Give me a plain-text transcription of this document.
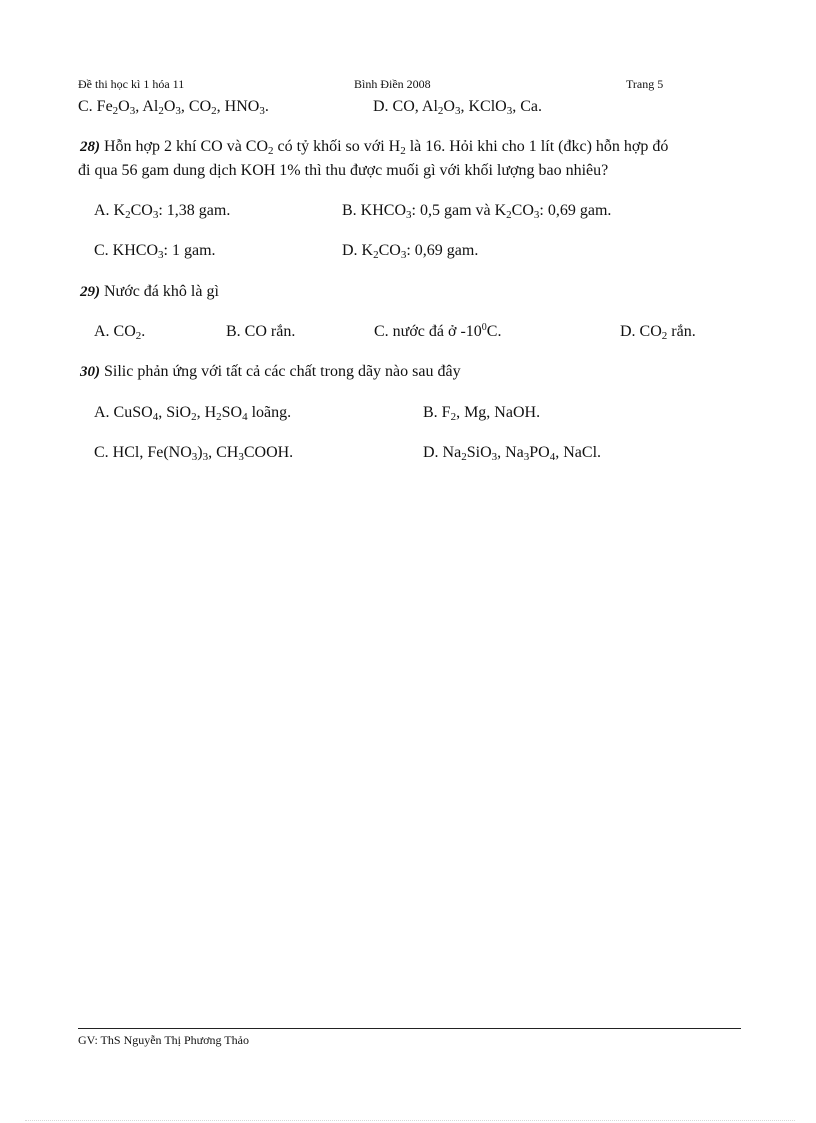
Đề thi học kì 1 hóa 11	Bình Điền 2008	Trang 5
C. $Fe_2O_3$, $Al_2O_3$, $CO_2$, $HNO_3$.	D. CO, $Al_2O_3$, KClO$_3$, Ca.
28) Hỗn hợp 2 khí CO và $CO_2$ có tỷ khối so với $H_2$ là 16. Hỏi khi cho 1 lít (đkc) hỗn hợp đó
đi qua 56 gam dung dịch KOH 1% thì thu được muối gì với khối lượng bao nhiêu?
A. $K_2CO_3$: 1,38 gam.	B. $KHCO_3$: 0,5 gam và $K_2CO_3$: 0,69 gam.
C. $KHCO_3$: 1 gam.	D. $K_2CO_3$: 0,69 gam.
29) Nước đá khô là gì
A. $CO_2$.	B. CO rắn.	C. nước đá ở $-10^0C$.	D. $CO_2$ rắn.
30) Silic phản ứng với tất cả các chất trong dãy nào sau đây
A. CuSO$_4$, SiO$_2$, $H_2SO_4$ loãng.	B. $F_2$, Mg, NaOH.
C. HCl, $Fe(NO_3)_3$, $CH_3COOH$.	D. $Na_2SiO_3$, $Na_3PO_4$, NaCl.
GV: ThS Nguyễn Thị Phương Thảo
